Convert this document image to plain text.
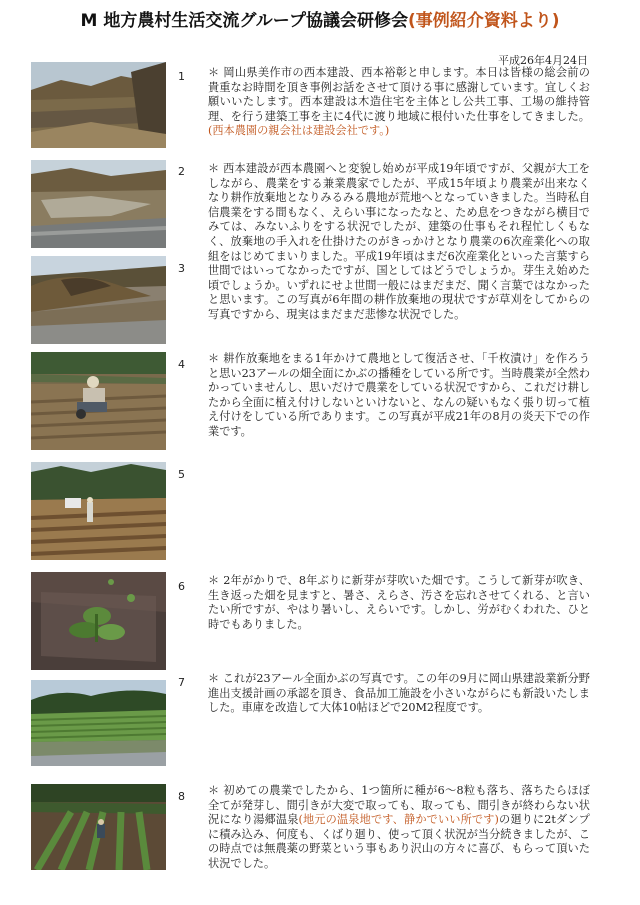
M 地方農村生活交流グループ協議会研修会(事例紹介資料より)
平成26年4月24日
1 ＊ 岡山県美作市の西本建設、西本裕彰と申します。本日は皆様の総会前の貴重なお時間を頂き事例お話をさせて頂ける事に感謝しています。宜しくお願いいたします。西本建設は木造住宅を主体とし公共工事、工場の維持管理、を行う建築工事を主に4代に渡り地域に根付いた仕事をしてきました。(西本農園の親会社は建設会社です。)
2 ＊ 西本建設が西本農園へと変貌し始めが平成19年頃ですが、父親が大工をしながら、農業をする兼業農家でしたが、平成15年頃より農業が出来なくなり耕作放棄地となりみるみる農地が荒地へとなっていきました。当時私自信農業をする間もなく、えらい事になったなと、ため息をつきながら横目でみては、みないふりをする状況でしたが、建築の仕事もそれ程忙しくもなく、放棄地の手入れを仕掛けたのがきっかけとなり農業の6次産業化への取組をはじめてまいりました。平成19年頃はまだ6次産業化といった言葉すら世間ではいってなかったですが、国としてはどうでしょうか。芽生え始めた頃でしょうか。いずれにせよ世間一般にはまだまだ、聞く言葉ではなかったと思います。この写真が6年間の耕作放棄地の現状ですが草刈をしてからの写真ですから、現実はまだまだ悲惨な状況でした。
3
4 ＊ 耕作放棄地をまる1年かけて農地として復活させ、「千枚漬け」を作ろうと思い23アールの畑全面にかぶの播種をしている所です。当時農業が全然わかっていませんし、思いだけで農業をしている状況ですから、これだけ耕したから全面に植え付けしないといけないと、なんの疑いもなく張り切って植え付けをしている所であります。この写真が平成21年の8月の炎天下での作業です。
5
6 ＊ 2年がかりで、8年ぶりに新芽が芽吹いた畑です。こうして新芽が吹き、生き返った畑を見ますと、暑さ、えらさ、汚さを忘れさせてくれる、と言いたい所ですが、やはり暑いし、えらいです。しかし、労がむくわれた、ひと時でもありました。
7 ＊ これが23アール全面かぶの写真です。この年の9月に岡山県建設業新分野進出支援計画の承認を頂き、食品加工施設を小さいながらにも新設いたしました。車庫を改造して大体10帖ほどで20M2程度です。
8 ＊ 初めての農業でしたから、1つ箇所に種が6〜8粒も落ち、落ちたらほぼ全てが発芽し、間引きが大変で取っても、取っても、間引きが終わらない状況になり湯郷温泉(地元の温泉地です、静かでいい所です)の廻りに2tダンプに積み込み、何度も、くばり廻り、使って頂く状況が当分続きましたが、この時点では無農薬の野菜という事もあり沢山の方々に喜び、もらって頂いた状況でした。
